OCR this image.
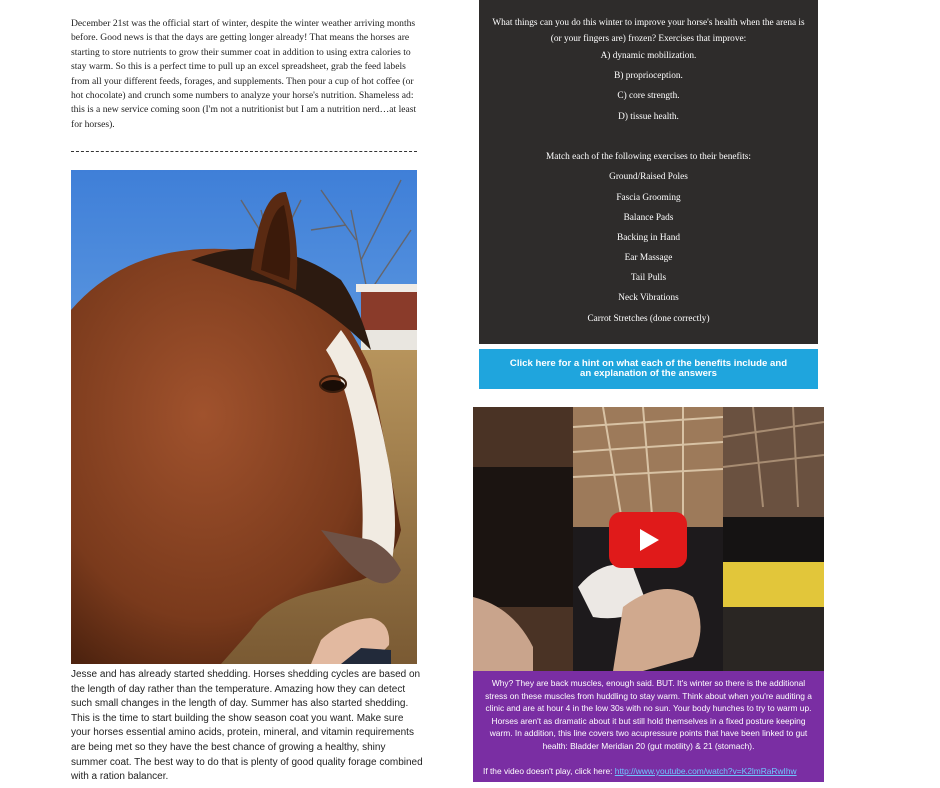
December 21st was the official start of winter, despite the winter weather arriving months before. Good news is that the days are getting longer already! That means the horses are starting to store nutrients to grow their summer coat in addition to using extra calories to stay warm. So this is a perfect time to pull up an excel spreadsheet, grab the feed labels from all your different feeds, forages, and supplements. Then pour a cup of hot coffee (or hot chocolate) and crunch some numbers to analyze your horse's nutrition. Shameless ad: this is a new service coming soon (I'm not a nutritionist but I am a nutrition nerd…at least for horses).

Jesse and has already started shedding. Horses shedding cycles are based on the length of day rather than the temperature. Amazing how they can detect such small changes in the length of day. Summer has also started shedding. This is the time to start building the show season coat you want. Make sure your horses essential amino acids, protein, mineral, and vitamin requirements are being met so they have the best chance of growing a healthy, shiny summer coat. The best way to do that is plenty of good quality forage combined with a ration balancer.

What things can you do this winter to improve your horse's health when the arena is (or your fingers are) frozen? Exercises that improve:

A) dynamic mobilization.

B) proprioception.

C) core strength.

D) tissue health.

Match each of the following exercises to their benefits:

Ground/Raised Poles

Fascia Grooming

Balance Pads

Backing in Hand

Ear Massage

Tail Pulls

Neck Vibrations

Carrot Stretches (done correctly)

Click here for a hint on what each of the benefits include and an explanation of the answers

Why? They are back muscles, enough said. BUT. It's winter so there is the additional stress on these muscles from huddling to stay warm. Think about when you're auditing a clinic and are at hour 4 in the low 30s with no sun. Your body hunches to try to warm up. Horses aren't as dramatic about it but still hold themselves in a fixed posture keeping warm. In addition, this line covers two acupressure points that have been linked to gut health: Bladder Meridian 20 (gut motility) & 21 (stomach).

If the video doesn't play, click here: http://www.youtube.com/watch?v=K2lmRaRwIhw
